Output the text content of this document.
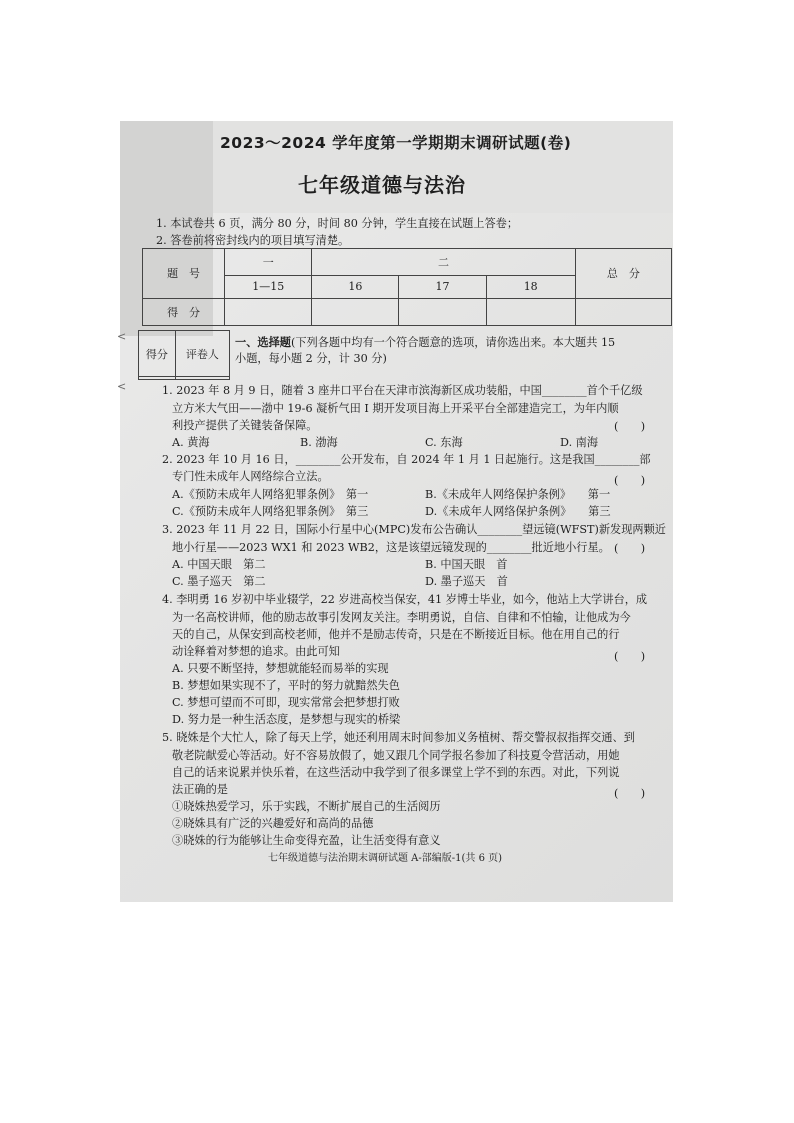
2023～2024 学年度第一学期期末调研试题(卷)
七年级道德与法治
1. 本试卷共 6 页，满分 80 分，时间 80 分钟，学生直接在试题上答卷；
2. 答卷前将密封线内的项目填写清楚。
题　号	一	二			总　分
	1—15	16	17	18	
得　分					
得分	评卷人

一、选择题(下列各题中均有一个符合题意的选项，请你选出来。本大题共 15
小题，每小题 2 分，计 30 分)
1. 2023 年 8 月 9 日，随着 3 座井口平台在天津市滨海新区成功装船，中国________首个千亿级
立方米大气田——渤中 19-6 凝析气田 I 期开发项目海上开采平台全部建造完工，为年内顺
利投产提供了关键装备保障。	(　　)
A. 黄海	B. 渤海	C. 东海	D. 南海
2. 2023 年 10 月 16 日，________公开发布，自 2024 年 1 月 1 日起施行。这是我国________部
专门性未成年人网络综合立法。	(　　)
A.《预防未成年人网络犯罪条例》　第一	B.《未成年人网络保护条例》　　第一
C.《预防未成年人网络犯罪条例》　第三	D.《未成年人网络保护条例》　　第三
3. 2023 年 11 月 22 日，国际小行星中心(MPC)发布公告确认________望远镜(WFST)新发现两颗近
地小行星——2023 WX1 和 2023 WB2，这是该望远镜发现的________批近地小行星。 (　　)
A. 中国天眼　第二	B. 中国天眼　首
C. 墨子巡天　第二	D. 墨子巡天　首
4. 李明勇 16 岁初中毕业辍学，22 岁进高校当保安，41 岁博士毕业，如今，他站上大学讲台，成
为一名高校讲师，他的励志故事引发网友关注。李明勇说，自信、自律和不怕输，让他成为今
天的自己，从保安到高校老师，他并不是励志传奇，只是在不断接近目标。他在用自己的行
动诠释着对梦想的追求。由此可知	(　　)
A. 只要不断坚持，梦想就能轻而易举的实现
B. 梦想如果实现不了，平时的努力就黯然失色
C. 梦想可望而不可即，现实常常会把梦想打败
D. 努力是一种生活态度，是梦想与现实的桥梁
5. 晓姝是个大忙人，除了每天上学，她还利用周末时间参加义务植树、帮交警叔叔指挥交通、到
敬老院献爱心等活动。好不容易放假了，她又跟几个同学报名参加了科技夏令营活动，用她
自己的话来说累并快乐着，在这些活动中我学到了很多课堂上学不到的东西。对此，下列说
法正确的是	(　　)
①晓姝热爱学习，乐于实践，不断扩展自己的生活阅历
②晓姝具有广泛的兴趣爱好和高尚的品德
③晓姝的行为能够让生命变得充盈，让生活变得有意义
七年级道德与法治期末调研试题 A-部编版-1(共 6 页)
<
<
